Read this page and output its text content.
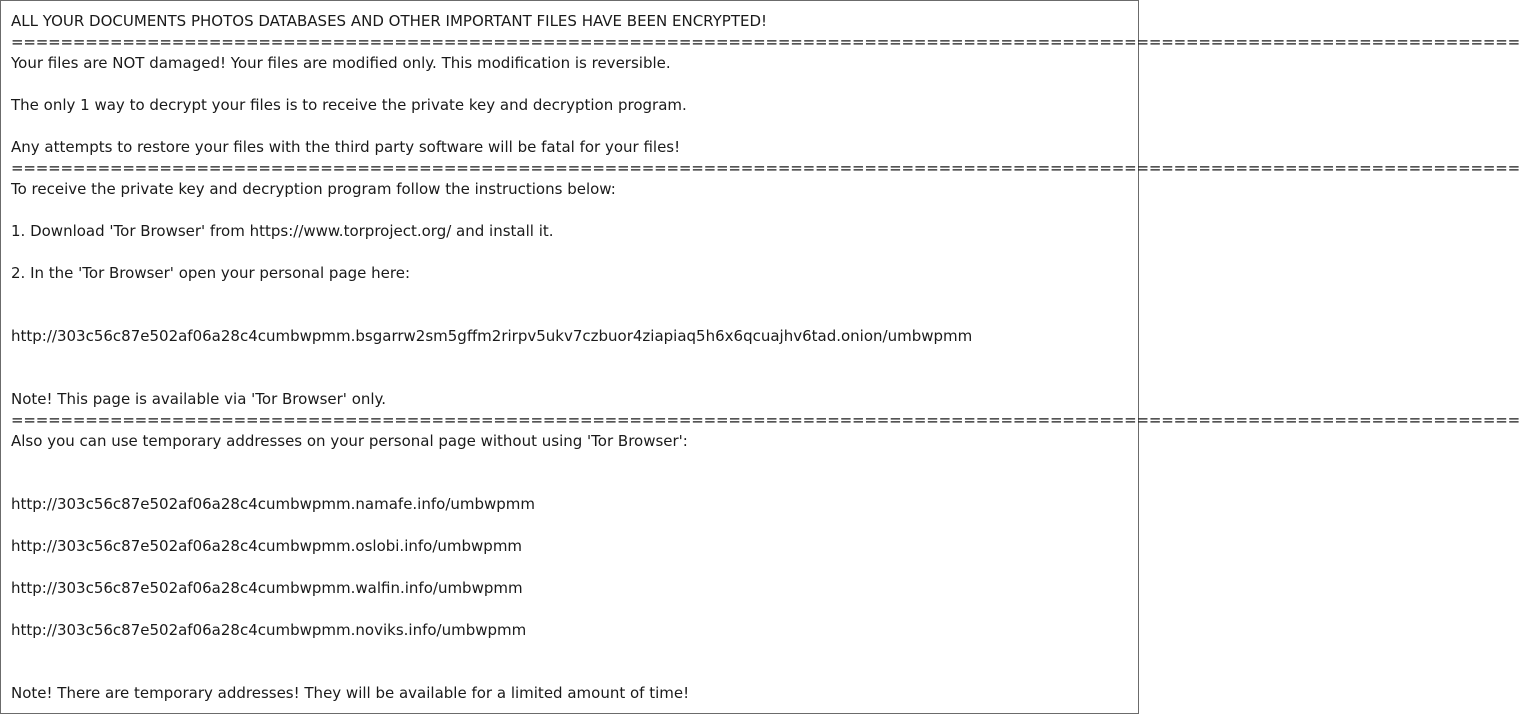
ALL YOUR DOCUMENTS PHOTOS DATABASES AND OTHER IMPORTANT FILES HAVE BEEN ENCRYPTED!

==========================================================================================================================

Your files are NOT damaged! Your files are modified only. This modification is reversible.

The only 1 way to decrypt your files is to receive the private key and decryption program.

Any attempts to restore your files with the third party software will be fatal for your files!

==========================================================================================================================

To receive the private key and decryption program follow the instructions below:

1. Download 'Tor Browser' from https://www.torproject.org/ and install it.

2. In the 'Tor Browser' open your personal page here:

http://303c56c87e502af06a28c4cumbwpmm.bsgarrw2sm5gffm2rirpv5ukv7czbuor4ziapiaq5h6x6qcuajhv6tad.onion/umbwpmm

Note! This page is available via 'Tor Browser' only.

==========================================================================================================================

Also you can use temporary addresses on your personal page without using 'Tor Browser':

http://303c56c87e502af06a28c4cumbwpmm.namafe.info/umbwpmm

http://303c56c87e502af06a28c4cumbwpmm.oslobi.info/umbwpmm

http://303c56c87e502af06a28c4cumbwpmm.walfin.info/umbwpmm

http://303c56c87e502af06a28c4cumbwpmm.noviks.info/umbwpmm

Note! There are temporary addresses! They will be available for a limited amount of time!
